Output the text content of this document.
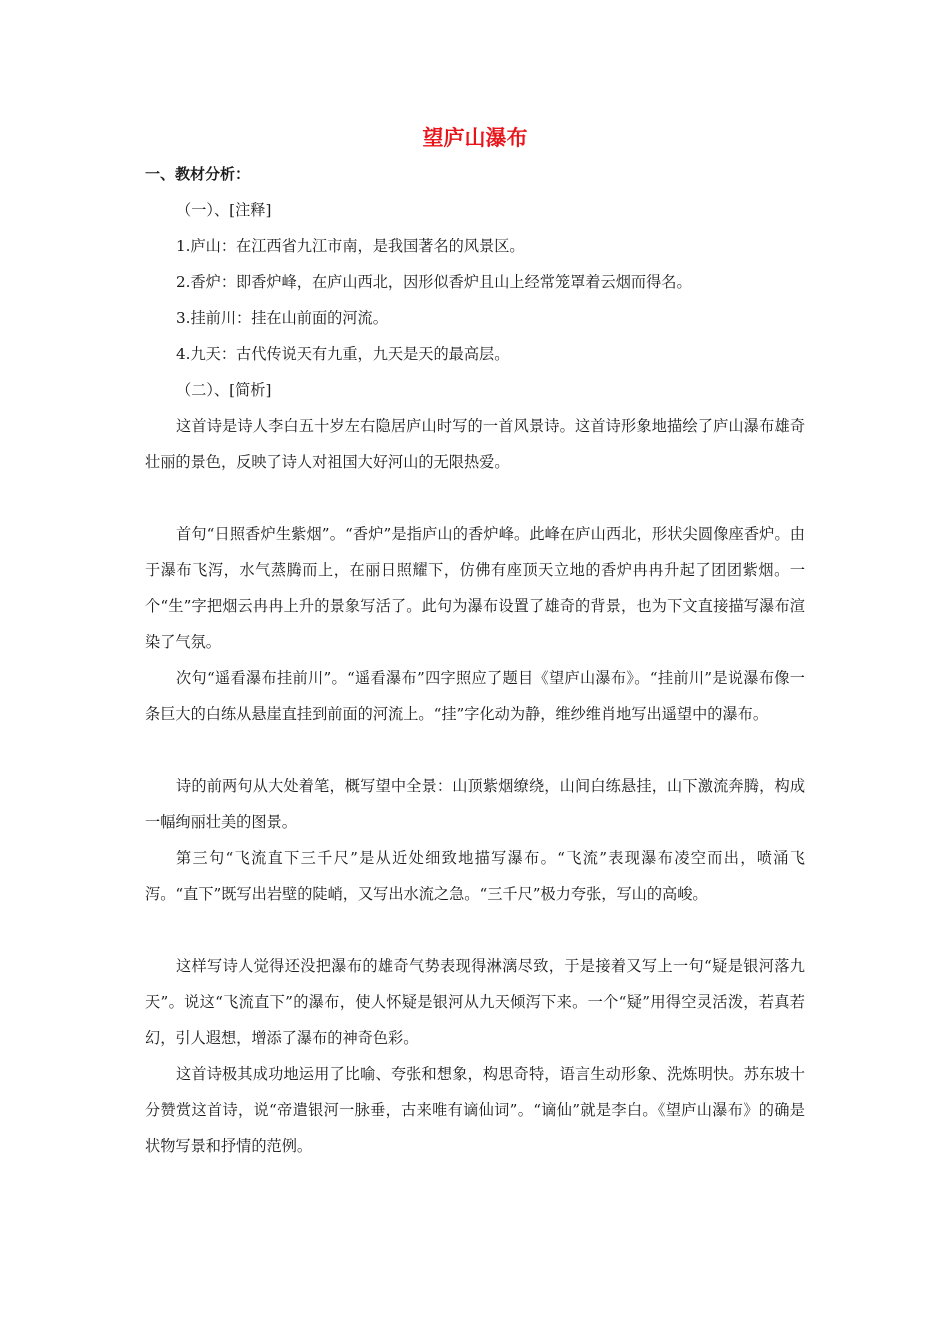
望庐山瀑布
一、教材分析：
（一）、[注释]
1.庐山：在江西省九江市南，是我国著名的风景区。
2.香炉：即香炉峰，在庐山西北，因形似香炉且山上经常笼罩着云烟而得名。
3.挂前川：挂在山前面的河流。
4.九天：古代传说天有九重，九天是天的最高层。
（二）、[简析]

这首诗是诗人李白五十岁左右隐居庐山时写的一首风景诗。这首诗形象地描绘了庐山瀑布雄奇壮丽的景色，反映了诗人对祖国大好河山的无限热爱。

首句“日照香炉生紫烟”。“香炉”是指庐山的香炉峰。此峰在庐山西北，形状尖圆像座香炉。由于瀑布飞泻，水气蒸腾而上，在丽日照耀下，仿佛有座顶天立地的香炉冉冉升起了团团紫烟。一个“生”字把烟云冉冉上升的景象写活了。此句为瀑布设置了雄奇的背景，也为下文直接描写瀑布渲染了气氛。

次句“遥看瀑布挂前川”。“遥看瀑布”四字照应了题目《望庐山瀑布》。“挂前川”是说瀑布像一条巨大的白练从悬崖直挂到前面的河流上。“挂”字化动为静，维纱维肖地写出遥望中的瀑布。

诗的前两句从大处着笔，概写望中全景：山顶紫烟缭绕，山间白练悬挂，山下激流奔腾，构成一幅绚丽壮美的图景。

第三句“飞流直下三千尺”是从近处细致地描写瀑布。“飞流”表现瀑布凌空而出，喷涌飞泻。“直下”既写出岩壁的陡峭，又写出水流之急。“三千尺”极力夸张，写山的高峻。

这样写诗人觉得还没把瀑布的雄奇气势表现得淋漓尽致，于是接着又写上一句“疑是银河落九天”。说这“飞流直下”的瀑布，使人怀疑是银河从九天倾泻下来。一个“疑”用得空灵活泼，若真若幻，引人遐想，增添了瀑布的神奇色彩。

这首诗极其成功地运用了比喻、夸张和想象，构思奇特，语言生动形象、洗炼明快。苏东坡十分赞赏这首诗，说“帝遣银河一脉垂，古来唯有谪仙词”。“谪仙”就是李白。《望庐山瀑布》的确是状物写景和抒情的范例。
